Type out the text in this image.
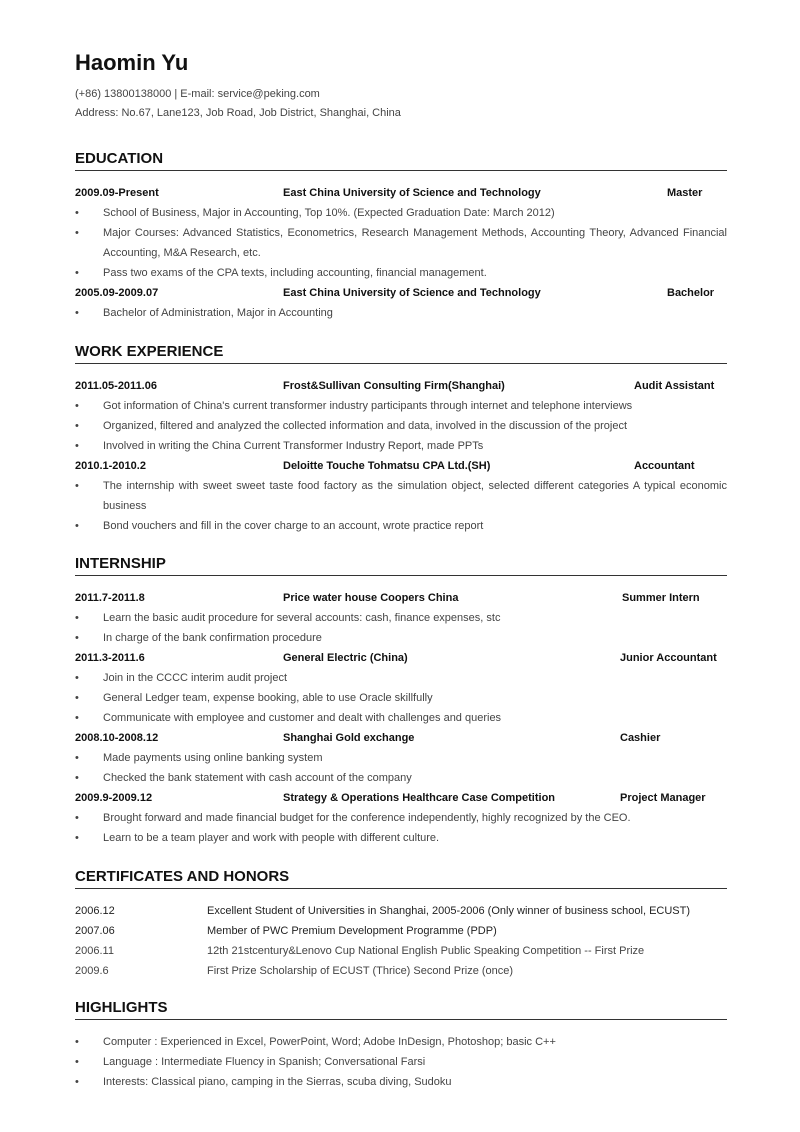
Haomin Yu
(+86) 13800138000 | E-mail: service@peking.com
Address: No.67, Lane123, Job Road, Job District, Shanghai, China
EDUCATION
2009.09-Present	East China University of Science and Technology	Master
• School of Business, Major in Accounting, Top 10%. (Expected Graduation Date: March 2012)
• Major Courses: Advanced Statistics, Econometrics, Research Management Methods, Accounting Theory, Advanced Financial Accounting, M&A Research, etc.
• Pass two exams of the CPA texts, including accounting, financial management.
2005.09-2009.07	East China University of Science and Technology	Bachelor
• Bachelor of Administration, Major in Accounting
WORK EXPERIENCE
2011.05-2011.06	Frost&Sullivan Consulting Firm(Shanghai)	Audit Assistant
• Got information of China's current transformer industry participants through internet and telephone interviews
• Organized, filtered and analyzed the collected information and data, involved in the discussion of the project
• Involved in writing the China Current Transformer Industry Report, made PPTs
2010.1-2010.2	Deloitte Touche Tohmatsu CPA Ltd.(SH)	Accountant
• The internship with sweet sweet taste food factory as the simulation object, selected different categories A typical economic business
• Bond vouchers and fill in the cover charge to an account, wrote practice report
INTERNSHIP
2011.7-2011.8	Price water house Coopers China	Summer Intern
• Learn the basic audit procedure for several accounts: cash, finance expenses, stc
• In charge of the bank confirmation procedure
2011.3-2011.6	General Electric (China)	Junior Accountant
• Join in the CCCC interim audit project
• General Ledger team, expense booking, able to use Oracle skillfully
• Communicate with employee and customer and dealt with challenges and queries
2008.10-2008.12	Shanghai Gold exchange	Cashier
• Made payments using online banking system
• Checked the bank statement with cash account of the company
2009.9-2009.12	Strategy & Operations Healthcare Case Competition	Project Manager
• Brought forward and made financial budget for the conference independently, highly recognized by the CEO.
• Learn to be a team player and work with people with different culture.
CERTIFICATES AND HONORS
2006.12	Excellent Student of Universities in Shanghai, 2005-2006 (Only winner of business school, ECUST)
2007.06	Member of PWC Premium Development Programme (PDP)
2006.11	12th 21stcentury&Lenovo Cup National English Public Speaking Competition -- First Prize
2009.6	First Prize Scholarship of ECUST (Thrice) Second Prize (once)
HIGHLIGHTS
• Computer : Experienced in Excel, PowerPoint, Word; Adobe InDesign, Photoshop; basic C++
• Language : Intermediate Fluency in Spanish; Conversational Farsi
• Interests: Classical piano, camping in the Sierras, scuba diving, Sudoku
